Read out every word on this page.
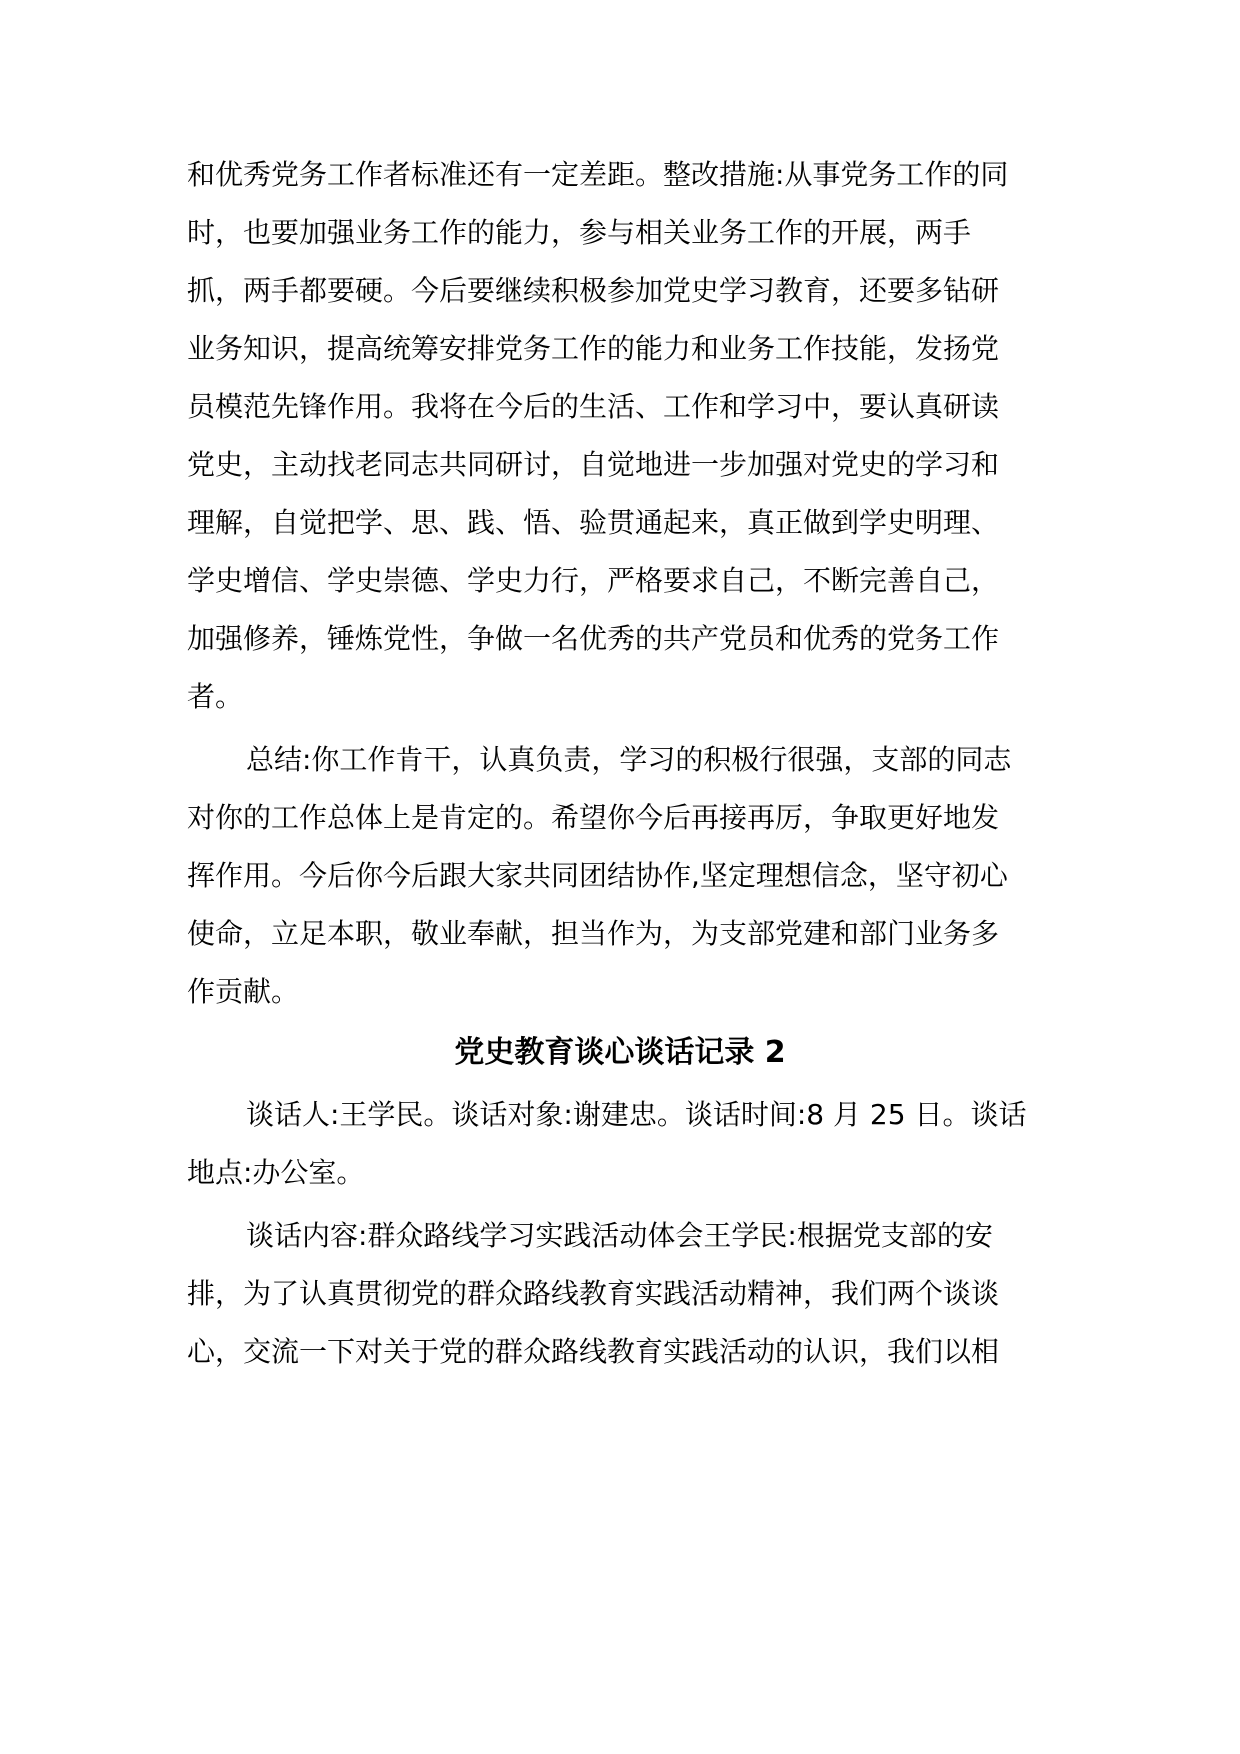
和优秀党务工作者标准还有一定差距。整改措施:从事党务工作的同

时，也要加强业务工作的能力，参与相关业务工作的开展，两手

抓，两手都要硬。今后要继续积极参加党史学习教育，还要多钻研

业务知识，提高统筹安排党务工作的能力和业务工作技能，发扬党

员模范先锋作用。我将在今后的生活、工作和学习中，要认真研读

党史，主动找老同志共同研讨，自觉地进一步加强对党史的学习和

理解，自觉把学、思、践、悟、验贯通起来，真正做到学史明理、

学史增信、学史崇德、学史力行，严格要求自己，不断完善自己，

加强修养，锤炼党性，争做一名优秀的共产党员和优秀的党务工作

者。

总结:你工作肯干，认真负责，学习的积极行很强，支部的同志

对你的工作总体上是肯定的。希望你今后再接再厉，争取更好地发

挥作用。今后你今后跟大家共同团结协作,坚定理想信念，坚守初心

使命，立足本职，敬业奉献，担当作为，为支部党建和部门业务多

作贡献。

党史教育谈心谈话记录 2

谈话人:王学民。谈话对象:谢建忠。谈话时间:8 月 25 日。谈话

地点:办公室。

谈话内容:群众路线学习实践活动体会王学民:根据党支部的安

排，为了认真贯彻党的群众路线教育实践活动精神，我们两个谈谈

心，交流一下对关于党的群众路线教育实践活动的认识，我们以相
